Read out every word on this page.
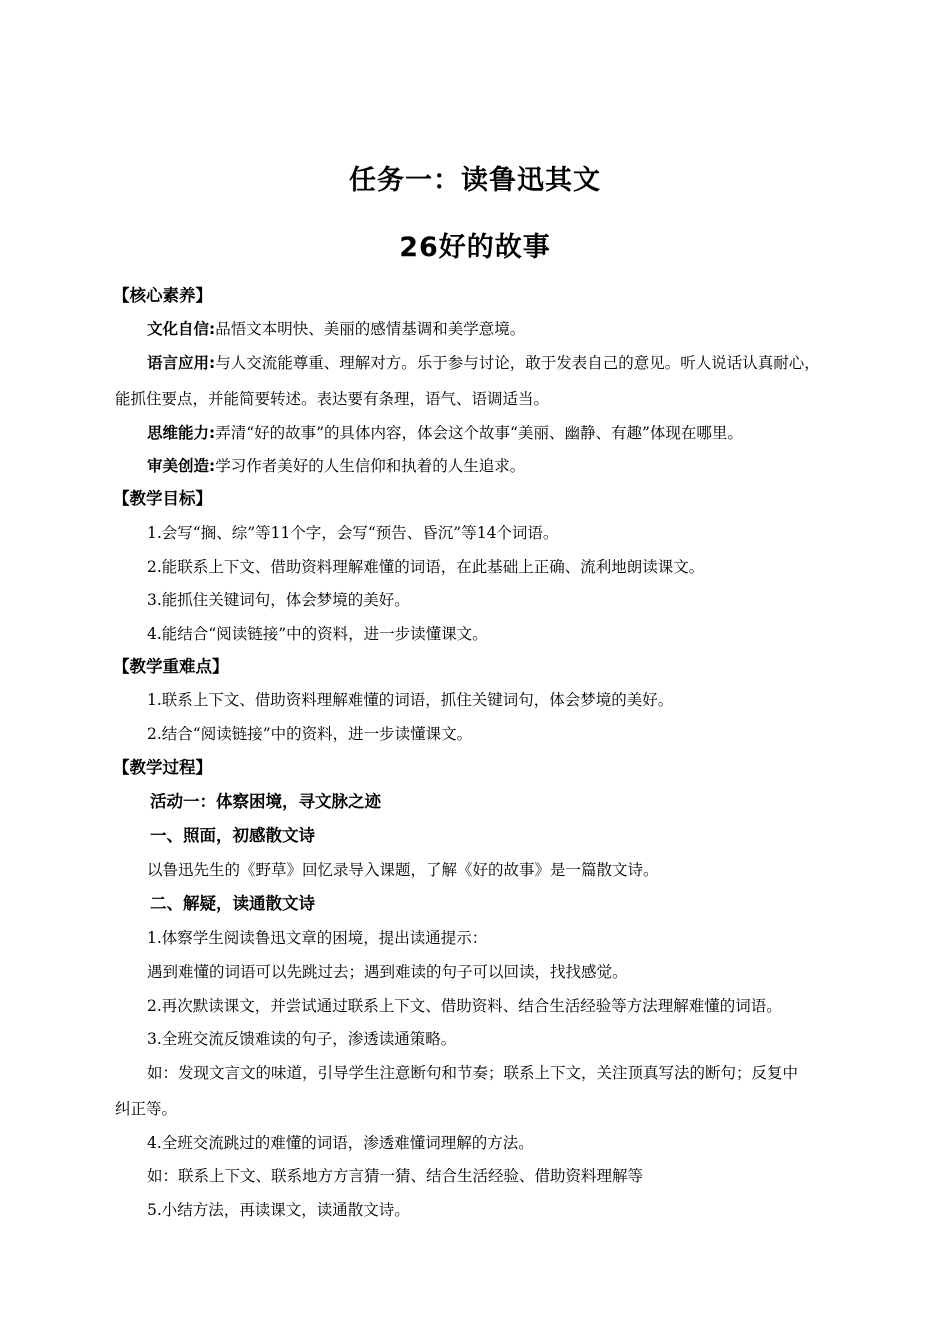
任务一：读鲁迅其文
26好的故事
【核心素养】
文化自信:品悟文本明快、美丽的感情基调和美学意境。
语言应用:与人交流能尊重、理解对方。乐于参与讨论，敢于发表自己的意见。听人说话认真耐心，
能抓住要点，并能简要转述。表达要有条理，语气、语调适当。
思维能力:弄清“好的故事”的具体内容，体会这个故事“美丽、幽静、有趣”体现在哪里。
审美创造:学习作者美好的人生信仰和执着的人生追求。
【教学目标】
1.会写“搁、综”等11个字，会写“预告、昏沉”等14个词语。
2.能联系上下文、借助资料理解难懂的词语，在此基础上正确、流利地朗读课文。
3.能抓住关键词句，体会梦境的美好。
4.能结合“阅读链接”中的资料，进一步读懂课文。
【教学重难点】
1.联系上下文、借助资料理解难懂的词语，抓住关键词句，体会梦境的美好。
2.结合“阅读链接”中的资料，进一步读懂课文。
【教学过程】
活动一：体察困境，寻文脉之迹
一、照面，初感散文诗
以鲁迅先生的《野草》回忆录导入课题，了解《好的故事》是一篇散文诗。
二、解疑，读通散文诗
1.体察学生阅读鲁迅文章的困境，提出读通提示：
遇到难懂的词语可以先跳过去；遇到难读的句子可以回读，找找感觉。
2.再次默读课文，并尝试通过联系上下文、借助资料、结合生活经验等方法理解难懂的词语。
3.全班交流反馈难读的句子，渗透读通策略。
如：发现文言文的味道，引导学生注意断句和节奏；联系上下文，关注顶真写法的断句；反复中
纠正等。
4.全班交流跳过的难懂的词语，渗透难懂词理解的方法。
如：联系上下文、联系地方方言猜一猜、结合生活经验、借助资料理解等
5.小结方法，再读课文，读通散文诗。
